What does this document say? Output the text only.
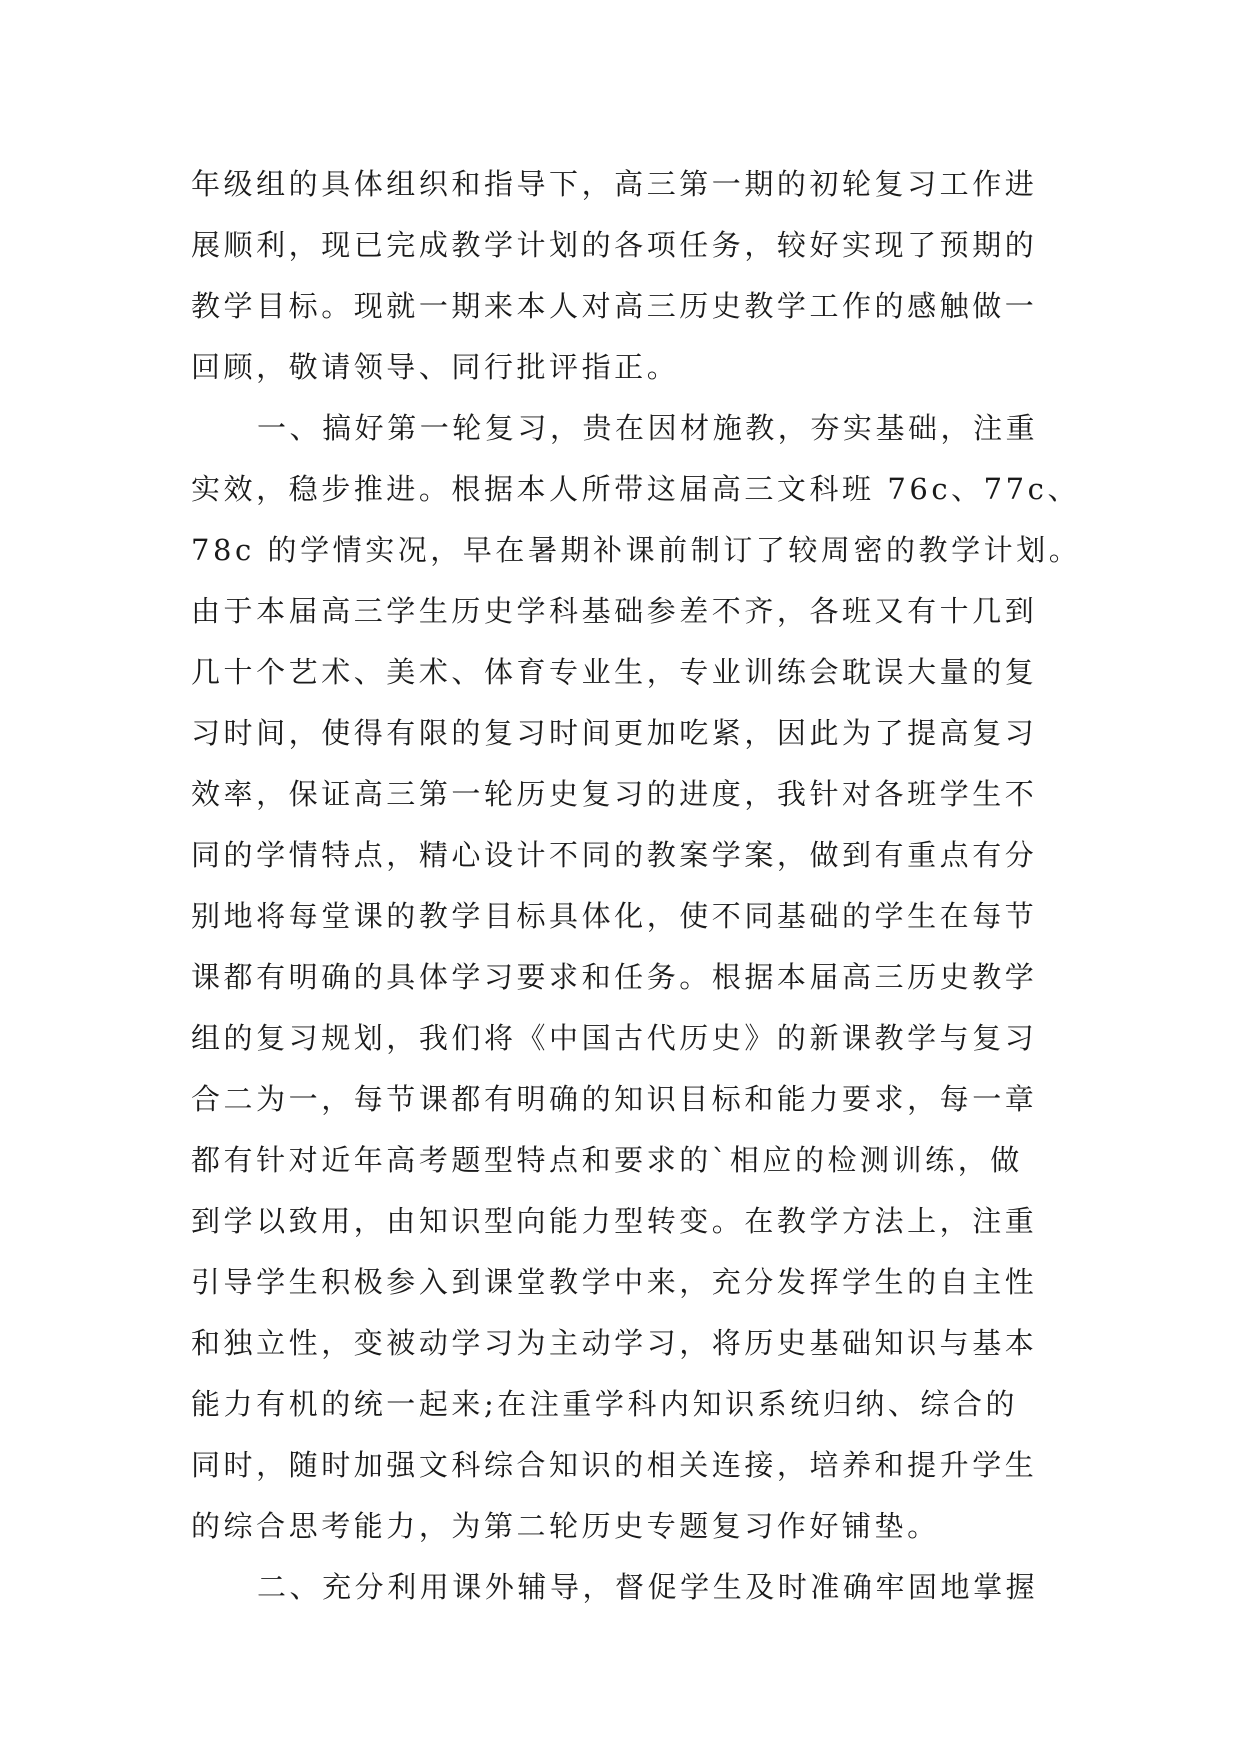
年级组的具体组织和指导下，高三第一期的初轮复习工作进
展顺利，现已完成教学计划的各项任务，较好实现了预期的
教学目标。现就一期来本人对高三历史教学工作的感触做一
回顾，敬请领导、同行批评指正。
一、搞好第一轮复习，贵在因材施教，夯实基础，注重
实效，稳步推进。根据本人所带这届高三文科班 76c、77c、
78c 的学情实况，早在暑期补课前制订了较周密的教学计划。
由于本届高三学生历史学科基础参差不齐，各班又有十几到
几十个艺术、美术、体育专业生，专业训练会耽误大量的复
习时间，使得有限的复习时间更加吃紧，因此为了提高复习
效率，保证高三第一轮历史复习的进度，我针对各班学生不
同的学情特点，精心设计不同的教案学案，做到有重点有分
别地将每堂课的教学目标具体化，使不同基础的学生在每节
课都有明确的具体学习要求和任务。根据本届高三历史教学
组的复习规划，我们将《中国古代历史》的新课教学与复习
合二为一，每节课都有明确的知识目标和能力要求，每一章
都有针对近年高考题型特点和要求的`相应的检测训练，做
到学以致用，由知识型向能力型转变。在教学方法上，注重
引导学生积极参入到课堂教学中来，充分发挥学生的自主性
和独立性，变被动学习为主动学习，将历史基础知识与基本
能力有机的统一起来;在注重学科内知识系统归纳、综合的
同时，随时加强文科综合知识的相关连接，培养和提升学生
的综合思考能力，为第二轮历史专题复习作好铺垫。
二、充分利用课外辅导，督促学生及时准确牢固地掌握
